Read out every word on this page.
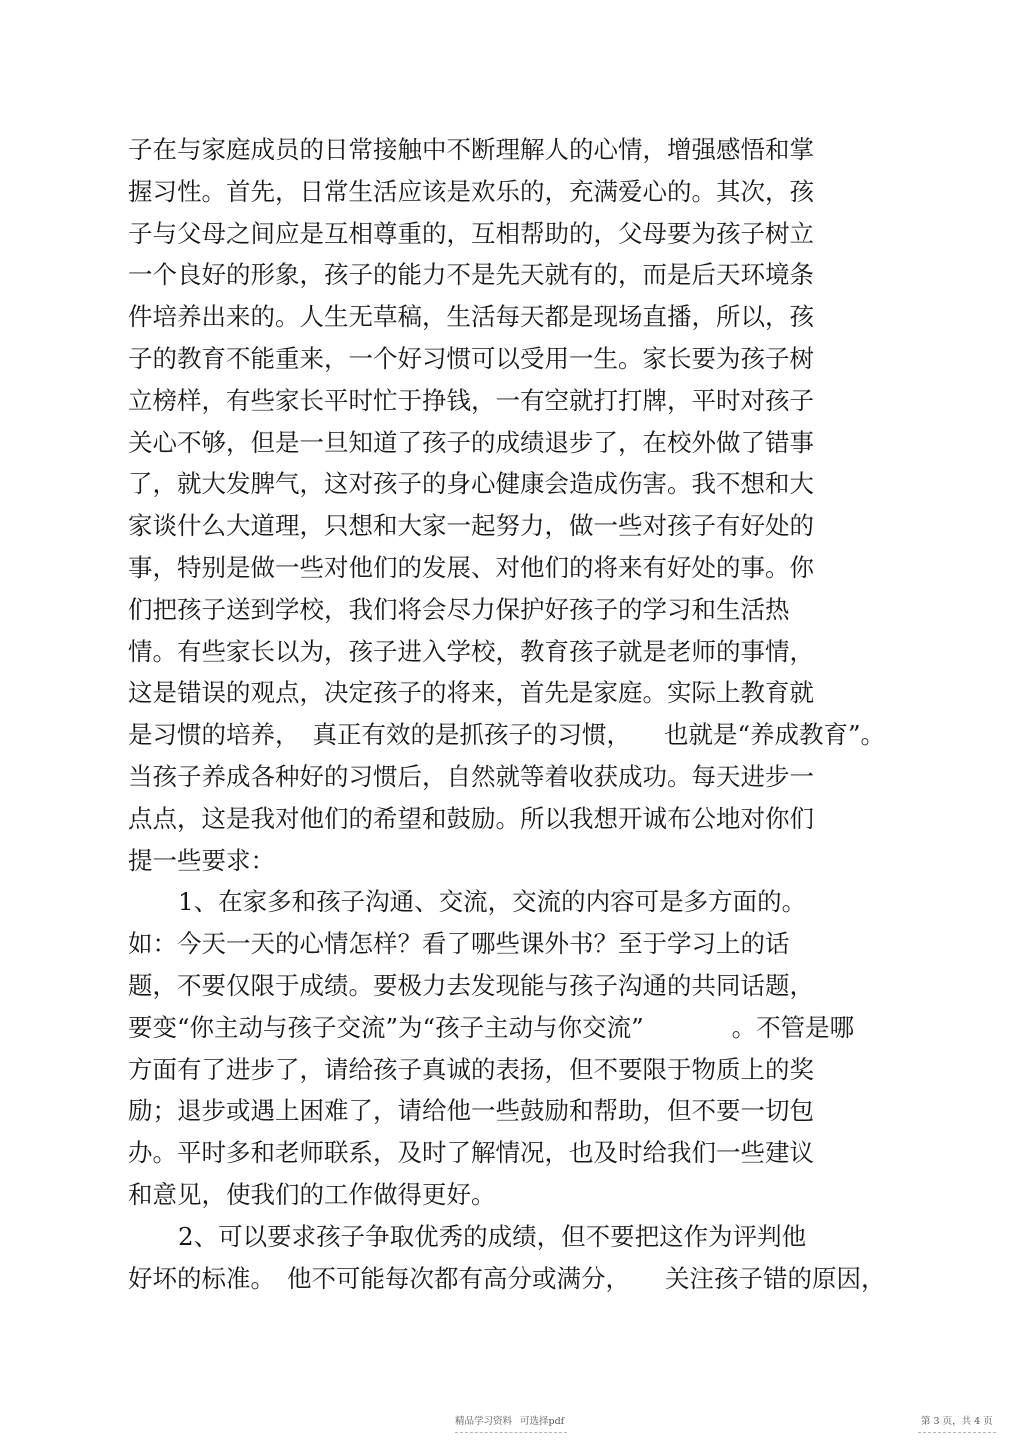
子在与家庭成员的日常接触中不断理解人的心情，增强感悟和掌
握习性。首先，日常生活应该是欢乐的，充满爱心的。其次，孩
子与父母之间应是互相尊重的，互相帮助的，父母要为孩子树立
一个良好的形象，孩子的能力不是先天就有的，而是后天环境条
件培养出来的。人生无草稿，生活每天都是现场直播，所以，孩
子的教育不能重来，一个好习惯可以受用一生。家长要为孩子树
立榜样，有些家长平时忙于挣钱，一有空就打打牌，平时对孩子
关心不够，但是一旦知道了孩子的成绩退步了，在校外做了错事
了，就大发脾气，这对孩子的身心健康会造成伤害。我不想和大
家谈什么大道理，只想和大家一起努力，做一些对孩子有好处的
事，特别是做一些对他们的发展、对他们的将来有好处的事。你
们把孩子送到学校，我们将会尽力保护好孩子的学习和生活热
情。有些家长以为，孩子进入学校，教育孩子就是老师的事情，
这是错误的观点，决定孩子的将来，首先是家庭。实际上教育就
是习惯的培养， 真正有效的是抓孩子的习惯， 也就是“养成教育”。
当孩子养成各种好的习惯后，自然就等着收获成功。每天进步一
点点，这是我对他们的希望和鼓励。所以我想开诚布公地对你们
提一些要求：
1、在家多和孩子沟通、交流，交流的内容可是多方面的。
如：今天一天的心情怎样？看了哪些课外书？至于学习上的话
题，不要仅限于成绩。要极力去发现能与孩子沟通的共同话题，
要变“你主动与孩子交流”为“孩子主动与你交流”	。不管是哪
方面有了进步了，请给孩子真诚的表扬，但不要限于物质上的奖
励；退步或遇上困难了，请给他一些鼓励和帮助，但不要一切包
办。平时多和老师联系，及时了解情况，也及时给我们一些建议
和意见，使我们的工作做得更好。
2、可以要求孩子争取优秀的成绩，但不要把这作为评判他
好坏的标准。 他不可能每次都有高分或满分， 关注孩子错的原因，
精品学习资料 可选择pdf	第 3 页，共 4 页
